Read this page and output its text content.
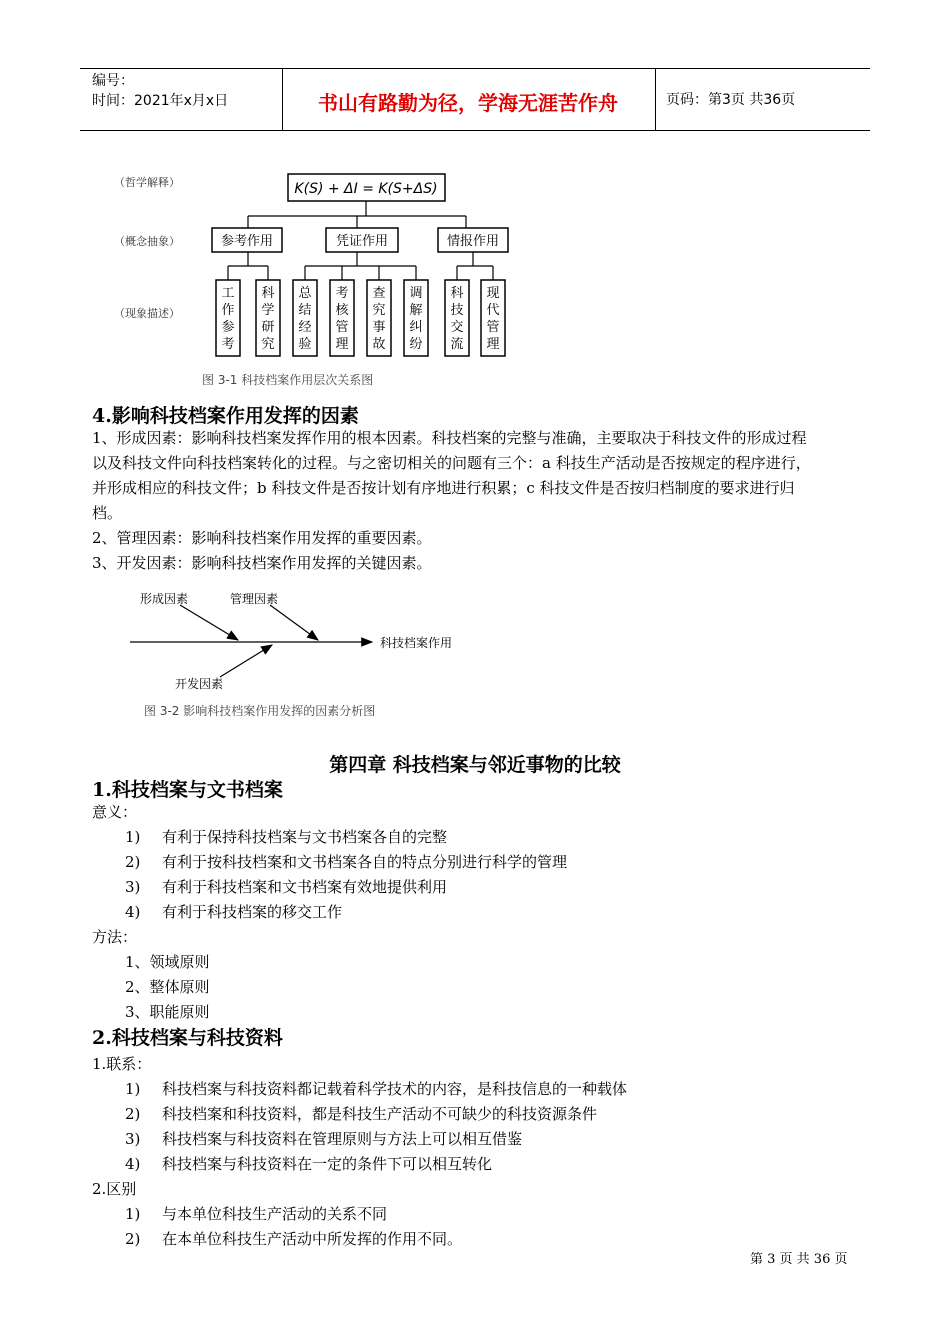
编号：
时间：2021年x月x日	书山有路勤为径，学海无涯苦作舟	页码：第3页 共36页
（哲学解释）
（概念抽象）
（现象描述）
K(S) + ΔI = K(S+ΔS)
参考作用	凭证作用	情报作用
工
作
参
考
科
学
研
究
总
结
经
验
考
核
管
理
查
究
事
故
调
解
纠
纷
科
技
交
流
现
代
管
理
图 3-1 科技档案作用层次关系图
4.影响科技档案作用发挥的因素
1、形成因素：影响科技档案发挥作用的根本因素。科技档案的完整与准确，主要取决于科技文件的形成过程
以及科技文件向科技档案转化的过程。与之密切相关的问题有三个：a 科技生产活动是否按规定的程序进行，
并形成相应的科技文件；b 科技文件是否按计划有序地进行积累；c 科技文件是否按归档制度的要求进行归
档。
2、管理因素：影响科技档案作用发挥的重要因素。
3、开发因素：影响科技档案作用发挥的关键因素。
形成因素	管理因素
开发因素
科技档案作用
图 3-2 影响科技档案作用发挥的因素分析图
第四章 科技档案与邻近事物的比较
1.科技档案与文书档案
意义：
1) 有利于保持科技档案与文书档案各自的完整
2) 有利于按科技档案和文书档案各自的特点分别进行科学的管理
3) 有利于科技档案和文书档案有效地提供利用
4) 有利于科技档案的移交工作
方法：
1、领域原则
2、整体原则
3、职能原则
2.科技档案与科技资料
1.联系：
1) 科技档案与科技资料都记载着科学技术的内容，是科技信息的一种载体
2) 科技档案和科技资料，都是科技生产活动不可缺少的科技资源条件
3) 科技档案与科技资料在管理原则与方法上可以相互借鉴
4) 科技档案与科技资料在一定的条件下可以相互转化
2.区别
1) 与本单位科技生产活动的关系不同
2) 在本单位科技生产活动中所发挥的作用不同。
第 3 页 共 36 页
